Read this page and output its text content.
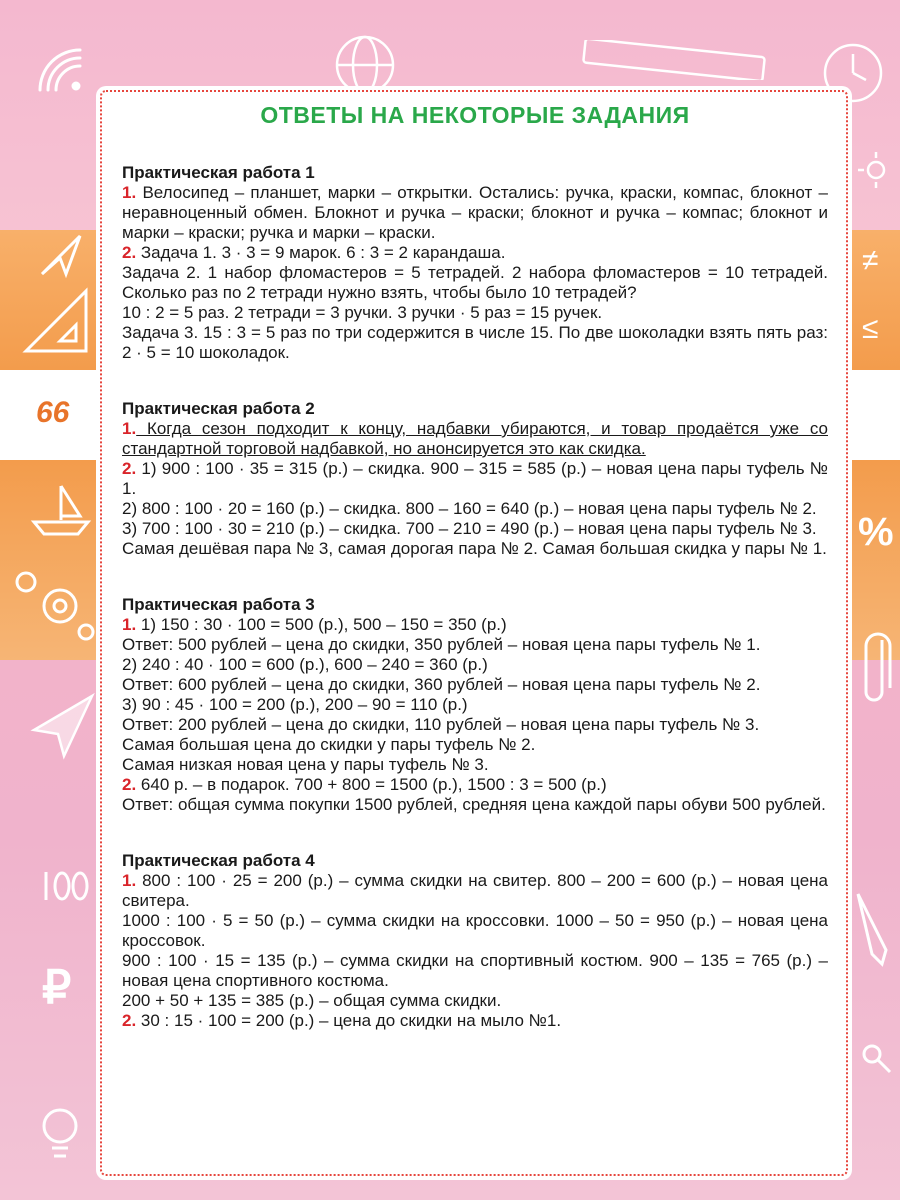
66
≠
≤
%
₽
ОТВЕТЫ НА НЕКОТОРЫЕ ЗАДАНИЯ
Практическая работа 1

1. Велосипед – планшет, марки – открытки. Остались: ручка, краски, компас, блокнот – неравноценный обмен. Блокнот и ручка – краски; блокнот и ручка – компас; блокнот и марки – краски; ручка и марки – краски.

2. Задача 1. 3 · 3 = 9 марок. 6 : 3 = 2 карандаша.

Задача 2. 1 набор фломастеров = 5 тетрадей. 2 набора фломастеров = 10 тетрадей. Сколько раз по 2 тетради нужно взять, чтобы было 10 тетрадей?

10 : 2 = 5 раз. 2 тетради = 3 ручки. 3 ручки · 5 раз = 15 ручек.

Задача 3. 15 : 3 = 5 раз по три содержится в числе 15. По две шоколадки взять пять раз: 2 · 5 = 10 шоколадок.

Практическая работа 2

1. Когда сезон подходит к концу, надбавки убираются, и товар продаётся уже со стандартной торговой надбавкой, но анонсируется это как скидка.

2. 1) 900 : 100 · 35 = 315 (р.) – скидка. 900 – 315 = 585 (р.) – новая цена пары туфель № 1.

2) 800 : 100 · 20 = 160 (р.) – скидка. 800 – 160 = 640 (р.) – новая цена пары туфель № 2.

3) 700 : 100 · 30 = 210 (р.) – скидка. 700 – 210 = 490 (р.) – новая цена пары туфель № 3.

Самая дешёвая пара № 3, самая дорогая пара № 2. Самая большая скидка у пары № 1.

Практическая работа 3

1. 1) 150 : 30 · 100 = 500 (р.), 500 – 150 = 350 (р.)

Ответ: 500 рублей – цена до скидки, 350 рублей – новая цена пары туфель № 1.

2) 240 : 40 · 100 = 600 (р.), 600 – 240 = 360 (р.)

Ответ: 600 рублей – цена до скидки, 360 рублей – новая цена пары туфель № 2.

3) 90 : 45 · 100 = 200 (р.), 200 – 90 = 110 (р.)

Ответ: 200 рублей – цена до скидки, 110 рублей – новая цена пары туфель № 3.

Самая большая цена до скидки у пары туфель № 2.

Самая низкая новая цена у пары туфель № 3.

2. 640 р. – в подарок. 700 + 800 = 1500 (р.), 1500 : 3 = 500 (р.)

Ответ: общая сумма покупки 1500 рублей, средняя цена каждой пары обуви 500 рублей.

Практическая работа 4

1. 800 : 100 · 25 = 200 (р.) – сумма скидки на свитер. 800 – 200 = 600 (р.) – новая цена свитера.

1000 : 100 · 5 = 50 (р.) – сумма скидки на кроссовки. 1000 – 50 = 950 (р.) – новая цена кроссовок.

900 : 100 · 15 = 135 (р.) – сумма скидки на спортивный костюм. 900 – 135 = 765 (р.) – новая цена спортивного костюма.

200 + 50 + 135 = 385 (р.) – общая сумма скидки.

2. 30 : 15 · 100 = 200 (р.) – цена до скидки на мыло №1.
